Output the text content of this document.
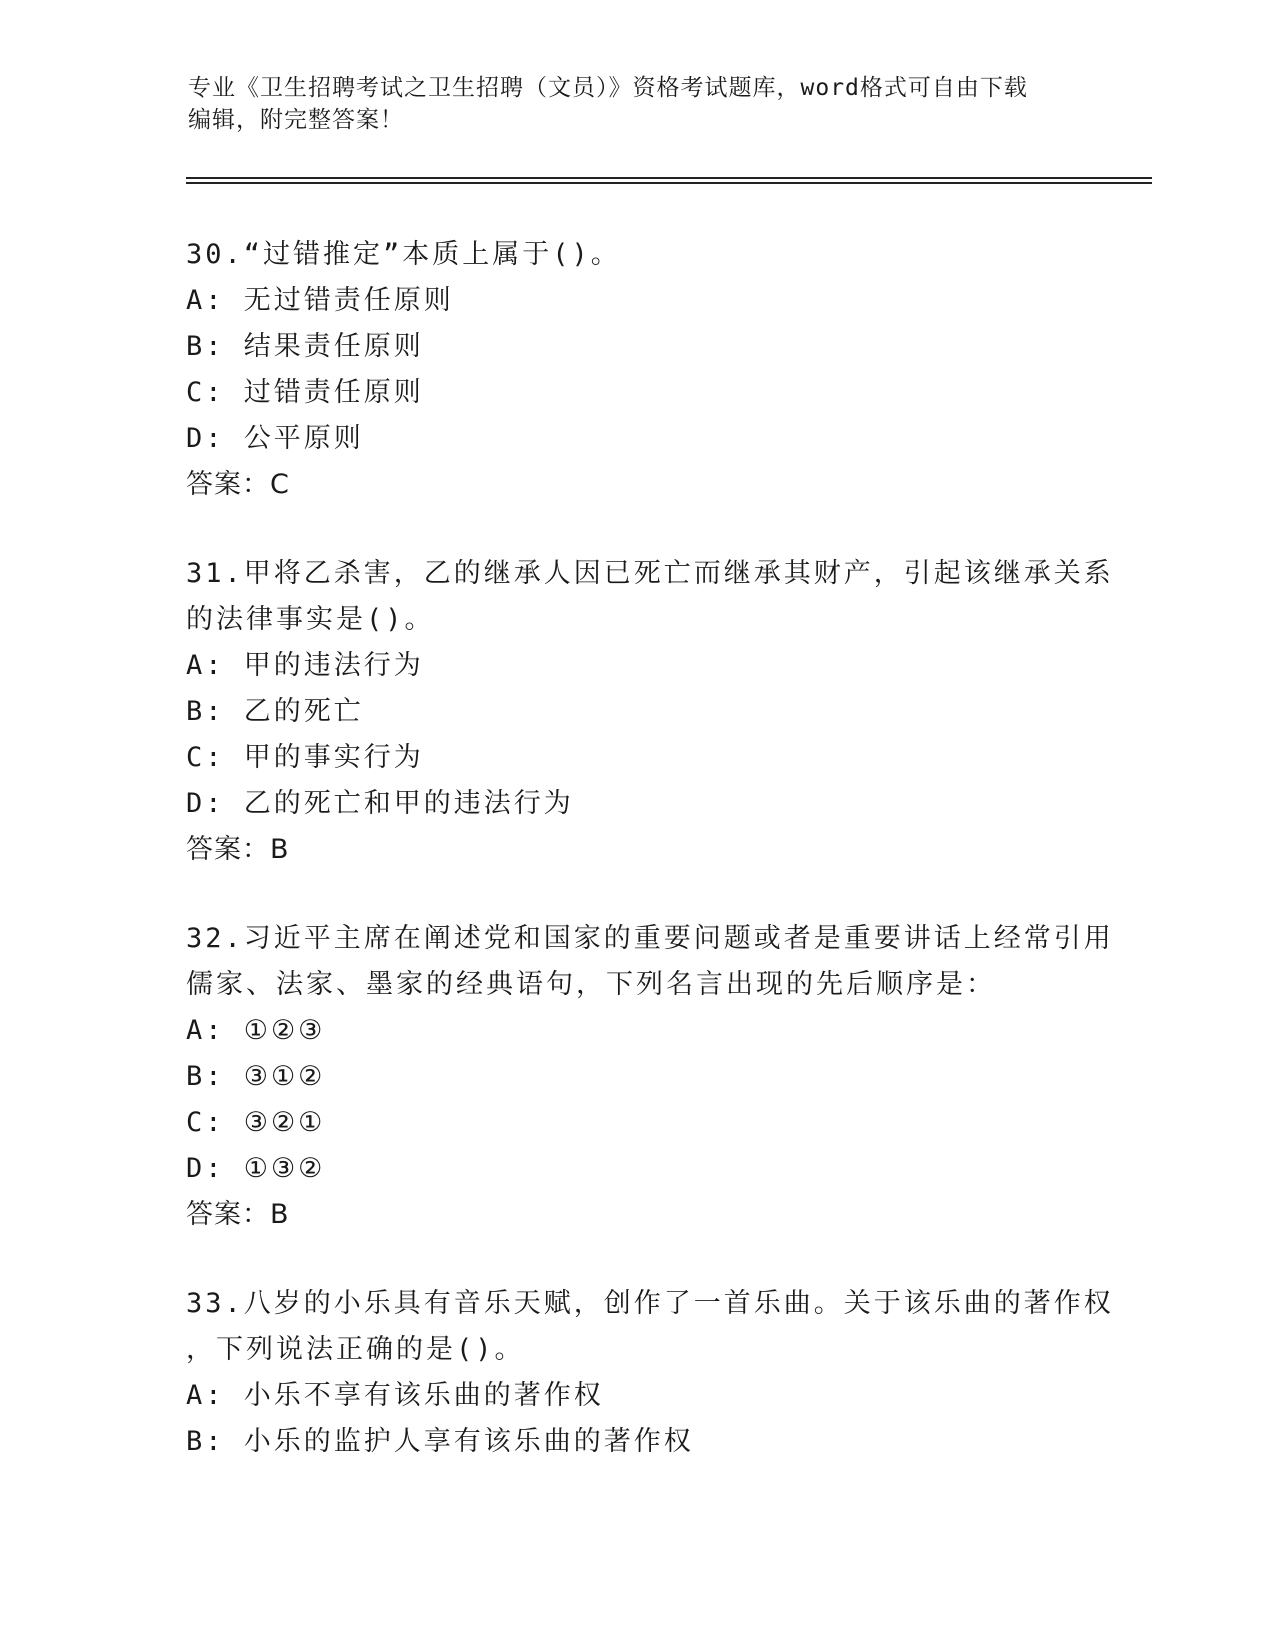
专业《卫生招聘考试之卫生招聘（文员）》资格考试题库，word格式可自由下载
编辑，附完整答案！
30.“过错推定”本质上属于()。
A: 无过错责任原则
B: 结果责任原则
C: 过错责任原则
D: 公平原则
答案：C
31.甲将乙杀害，乙的继承人因已死亡而继承其财产，引起该继承关系
的法律事实是()。
A: 甲的违法行为
B: 乙的死亡
C: 甲的事实行为
D: 乙的死亡和甲的违法行为
答案：B
32.习近平主席在阐述党和国家的重要问题或者是重要讲话上经常引用
儒家、法家、墨家的经典语句，下列名言出现的先后顺序是：
A: ①②③
B: ③①②
C: ③②①
D: ①③②
答案：B
33.八岁的小乐具有音乐天赋，创作了一首乐曲。关于该乐曲的著作权
，下列说法正确的是()。
A: 小乐不享有该乐曲的著作权
B: 小乐的监护人享有该乐曲的著作权
